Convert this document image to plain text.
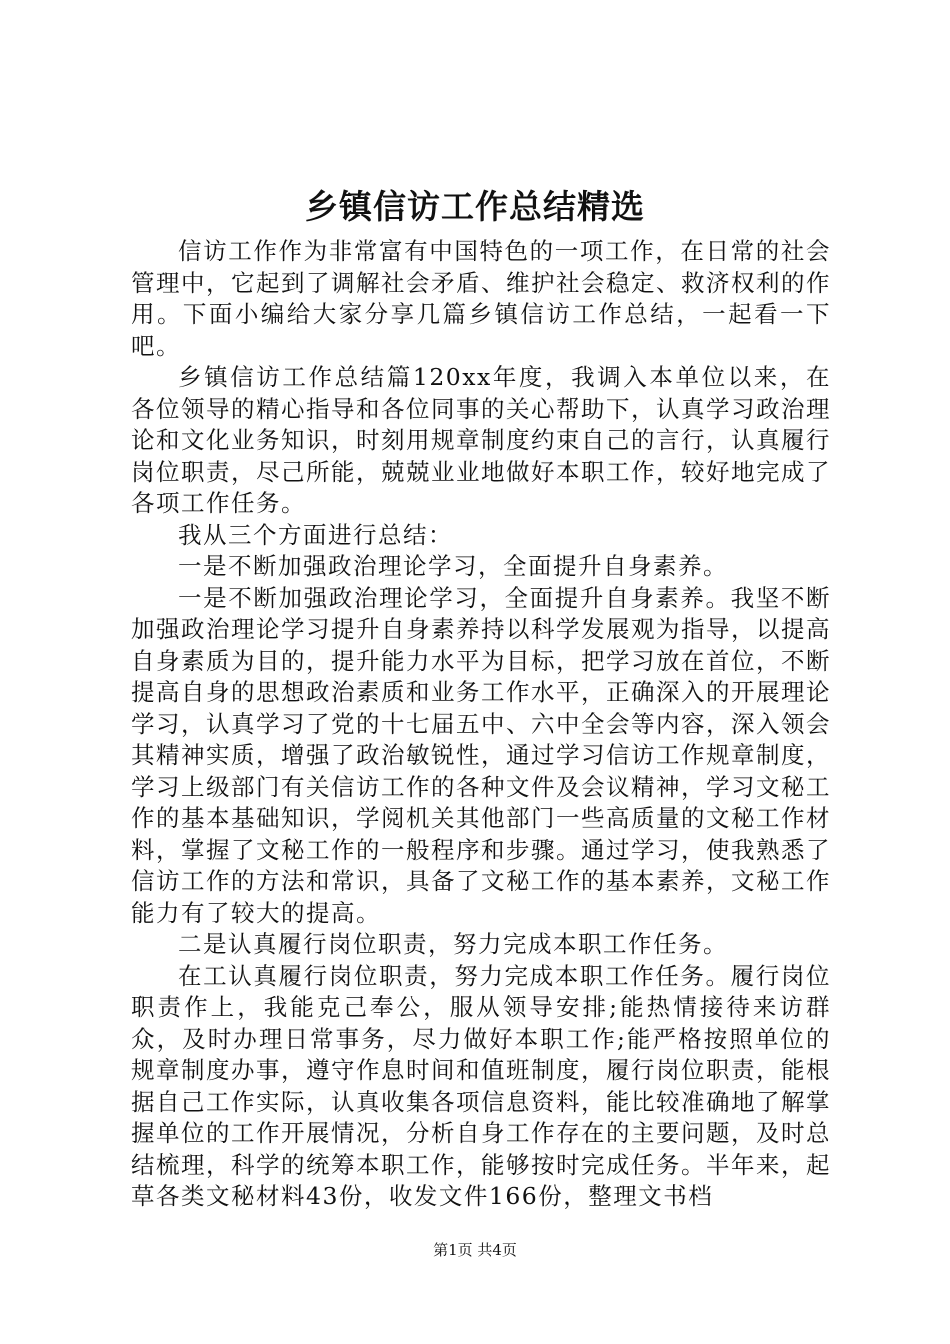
乡镇信访工作总结精选

信访工作作为非常富有中国特色的一项工作，在日常的社会管理中，它起到了调解社会矛盾、维护社会稳定、救济权利的作用。下面小编给大家分享几篇乡镇信访工作总结，一起看一下吧。

乡镇信访工作总结篇120xx年度，我调入本单位以来，在各位领导的精心指导和各位同事的关心帮助下，认真学习政治理论和文化业务知识，时刻用规章制度约束自己的言行，认真履行岗位职责，尽己所能，兢兢业业地做好本职工作，较好地完成了各项工作任务。

我从三个方面进行总结：

一是不断加强政治理论学习，全面提升自身素养。

一是不断加强政治理论学习，全面提升自身素养。我坚不断加强政治理论学习提升自身素养持以科学发展观为指导，以提高自身素质为目的，提升能力水平为目标，把学习放在首位，不断提高自身的思想政治素质和业务工作水平，正确深入的开展理论学习，认真学习了党的十七届五中、六中全会等内容，深入领会其精神实质，增强了政治敏锐性，通过学习信访工作规章制度，学习上级部门有关信访工作的各种文件及会议精神，学习文秘工作的基本基础知识，学阅机关其他部门一些高质量的文秘工作材料，掌握了文秘工作的一般程序和步骤。通过学习，使我熟悉了信访工作的方法和常识，具备了文秘工作的基本素养，文秘工作能力有了较大的提高。

二是认真履行岗位职责，努力完成本职工作任务。

在工认真履行岗位职责，努力完成本职工作任务。履行岗位职责作上，我能克己奉公，服从领导安排;能热情接待来访群众，及时办理日常事务，尽力做好本职工作;能严格按照单位的规章制度办事，遵守作息时间和值班制度，履行岗位职责，能根据自己工作实际，认真收集各项信息资料，能比较准确地了解掌握单位的工作开展情况，分析自身工作存在的主要问题，及时总结梳理，科学的统筹本职工作，能够按时完成任务。半年来，起草各类文秘材料43份，收发文件166份，整理文书档

第1页 共4页
